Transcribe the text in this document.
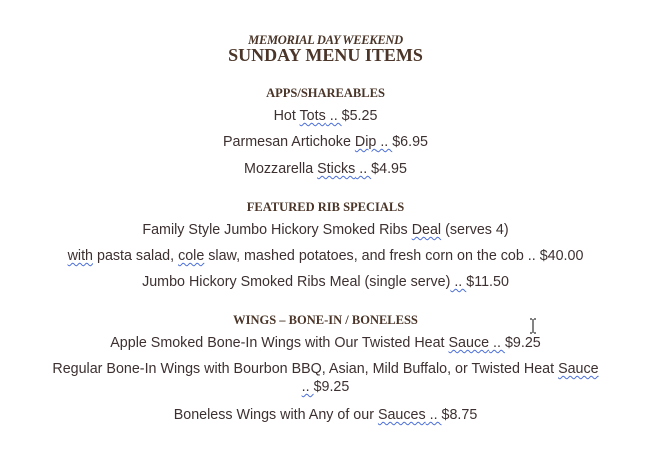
MEMORIAL DAY WEEKEND
SUNDAY MENU ITEMS
APPS/SHAREABLES
Hot Tots .. $5.25
Parmesan Artichoke Dip .. $6.95
Mozzarella Sticks .. $4.95
FEATURED RIB SPECIALS
Family Style Jumbo Hickory Smoked Ribs Deal (serves 4)
with pasta salad, cole slaw, mashed potatoes, and fresh corn on the cob .. $40.00
Jumbo Hickory Smoked Ribs Meal (single serve) .. $11.50
WINGS – BONE-IN / BONELESS
Apple Smoked Bone-In Wings with Our Twisted Heat Sauce .. $9.25
Regular Bone-In Wings with Bourbon BBQ, Asian, Mild Buffalo, or Twisted Heat Sauce .. $9.25
Boneless Wings with Any of our Sauces .. $8.75
